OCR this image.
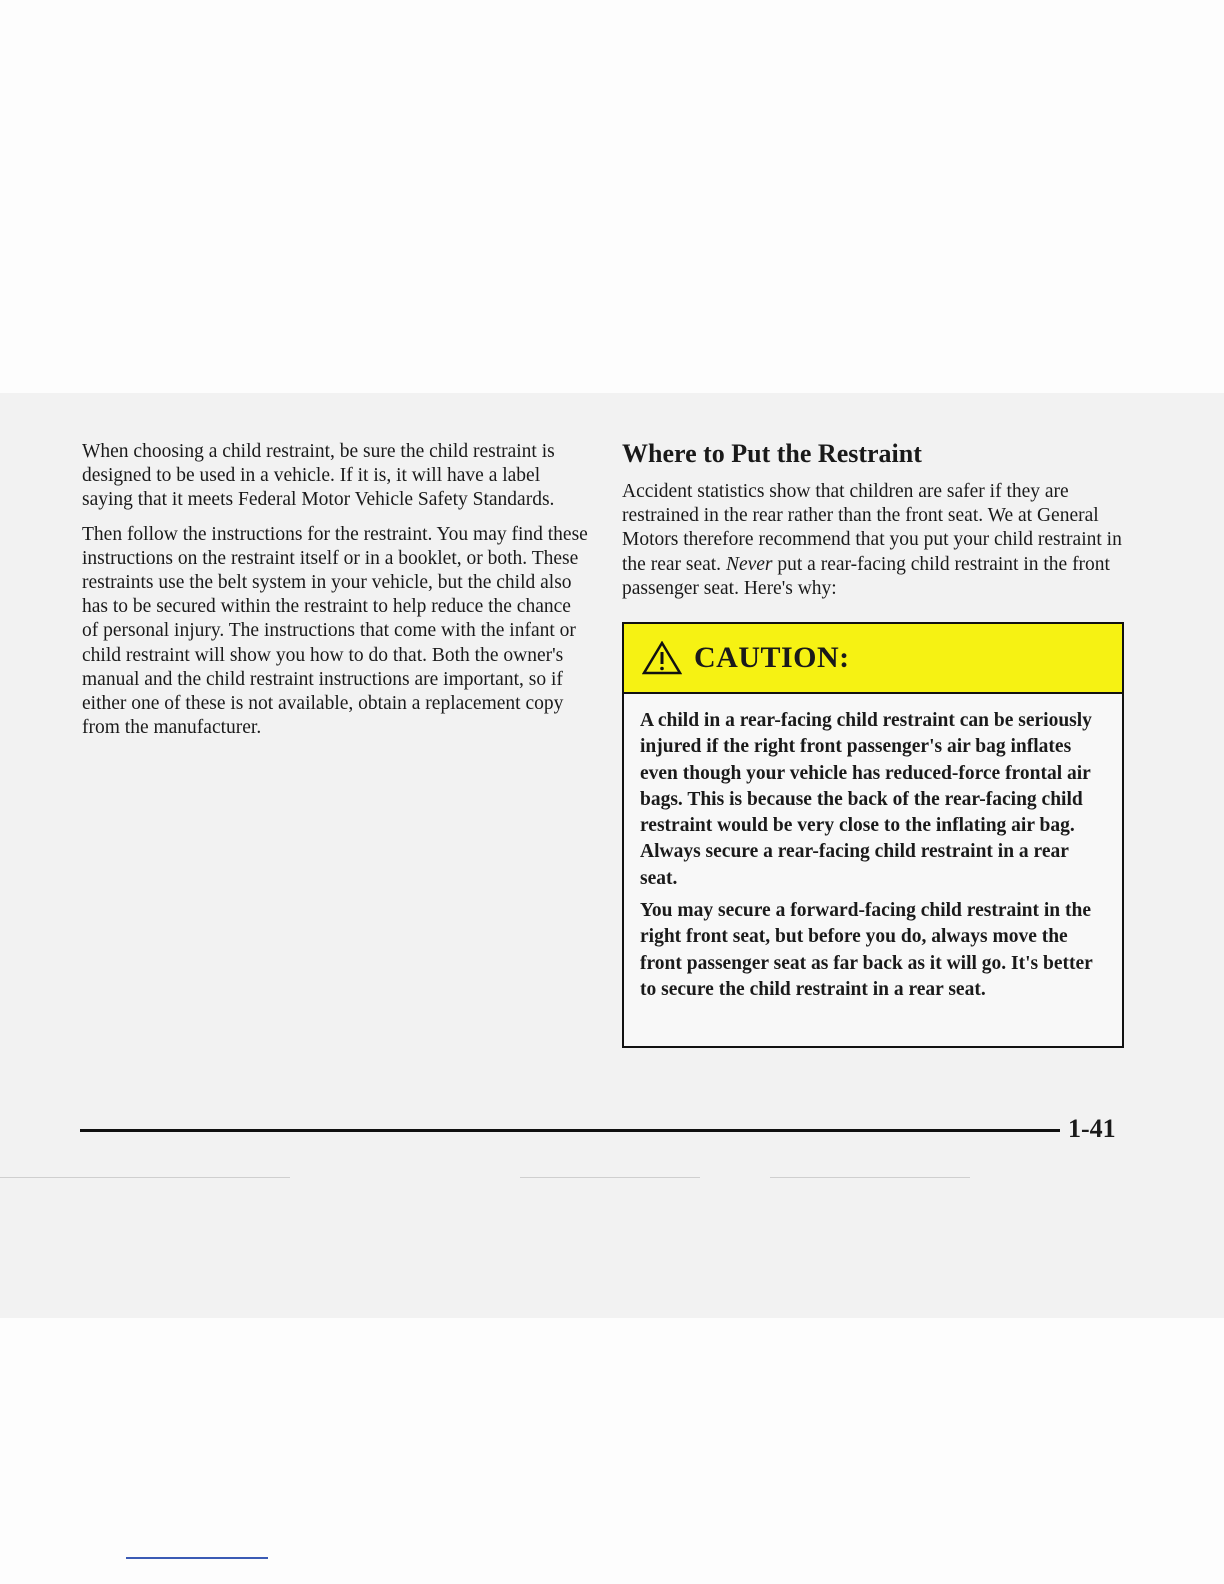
When choosing a child restraint, be sure the child restraint is designed to be used in a vehicle. If it is, it will have a label saying that it meets Federal Motor Vehicle Safety Standards.

Then follow the instructions for the restraint. You may find these instructions on the restraint itself or in a booklet, or both. These restraints use the belt system in your vehicle, but the child also has to be secured within the restraint to help reduce the chance of personal injury. The instructions that come with the infant or child restraint will show you how to do that. Both the owner's manual and the child restraint instructions are important, so if either one of these is not available, obtain a replacement copy from the manufacturer.

Where to Put the Restraint

Accident statistics show that children are safer if they are restrained in the rear rather than the front seat. We at General Motors therefore recommend that you put your child restraint in the rear seat. Never put a rear-facing child restraint in the front passenger seat. Here's why:

CAUTION:

A child in a rear-facing child restraint can be seriously injured if the right front passenger's air bag inflates even though your vehicle has reduced-force frontal air bags. This is because the back of the rear-facing child restraint would be very close to the inflating air bag. Always secure a rear-facing child restraint in a rear seat.

You may secure a forward-facing child restraint in the right front seat, but before you do, always move the front passenger seat as far back as it will go. It's better to secure the child restraint in a rear seat.

1-41
